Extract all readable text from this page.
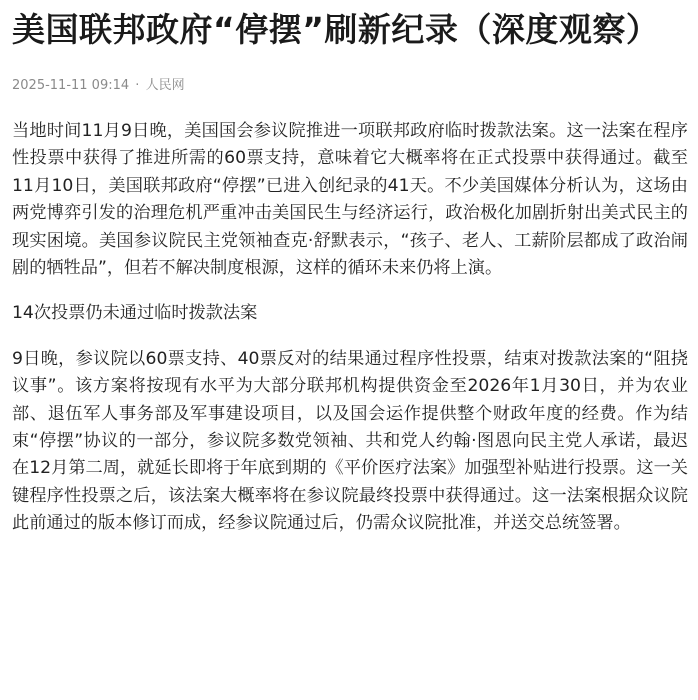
美国联邦政府“停摆”刷新纪录（深度观察）
2025-11-11 09:14 · 人民网

当地时间11月9日晚，美国国会参议院推进一项联邦政府临时拨款法案。这一法案在程序性投票中获得了推进所需的60票支持，意味着它大概率将在正式投票中获得通过。截至11月10日，美国联邦政府“停摆”已进入创纪录的41天。不少美国媒体分析认为，这场由两党博弈引发的治理危机严重冲击美国民生与经济运行，政治极化加剧折射出美式民主的现实困境。美国参议院民主党领袖查克·舒默表示，“孩子、老人、工薪阶层都成了政治闹剧的牺牲品”，但若不解决制度根源，这样的循环未来仍将上演。

14次投票仍未通过临时拨款法案

9日晚，参议院以60票支持、40票反对的结果通过程序性投票，结束对拨款法案的“阻挠议事”。该方案将按现有水平为大部分联邦机构提供资金至2026年1月30日，并为农业部、退伍军人事务部及军事建设项目，以及国会运作提供整个财政年度的经费。作为结束“停摆”协议的一部分，参议院多数党领袖、共和党人约翰·图恩向民主党人承诺，最迟在12月第二周，就延长即将于年底到期的《平价医疗法案》加强型补贴进行投票。这一关键程序性投票之后，该法案大概率将在参议院最终投票中获得通过。这一法案根据众议院此前通过的版本修订而成，经参议院通过后，仍需众议院批准，并送交总统签署。
